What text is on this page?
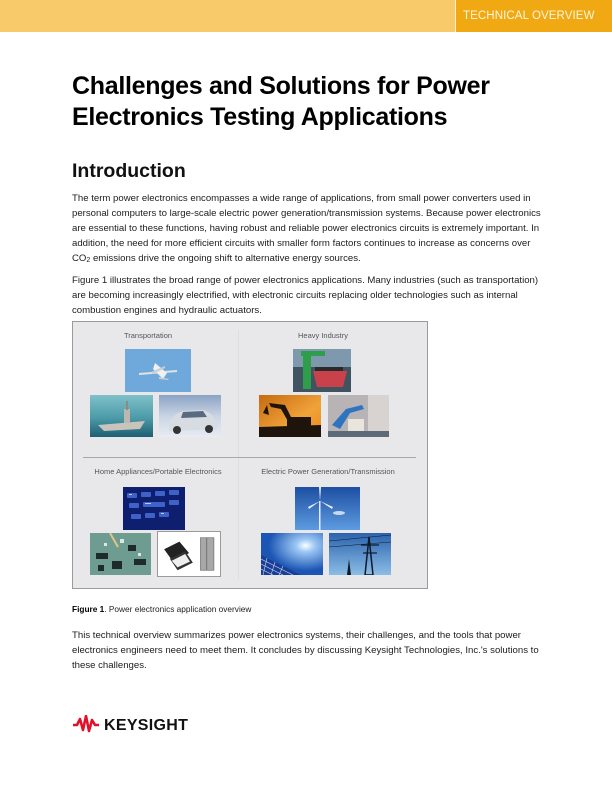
TECHNICAL OVERVIEW
Challenges and Solutions for Power Electronics Testing Applications
Introduction

The term power electronics encompasses a wide range of applications, from small power converters used in personal computers to large-scale electric power generation/transmission systems. Because power electronics are essential to these functions, having robust and reliable power electronics circuits is extremely important. In addition, the need for more efficient circuits with smaller form factors continues to increase as concerns over $CO_2$ emissions drive the ongoing shift to alternative energy sources.

Figure 1 illustrates the broad range of power electronics applications. Many industries (such as transportation) are becoming increasingly electrified, with electronic circuits replacing older technologies such as internal combustion engines and hydraulic actuators.

Transportation	Heavy Industry
Home Appliances/Portable Electronics	Electric Power Generation/Transmission

Figure 1. Power electronics application overview

This technical overview summarizes power electronics systems, their challenges, and the tools that power electronics engineers need to meet them. It concludes by discussing Keysight Technologies, Inc.'s solutions to these challenges.

KEYSIGHT
